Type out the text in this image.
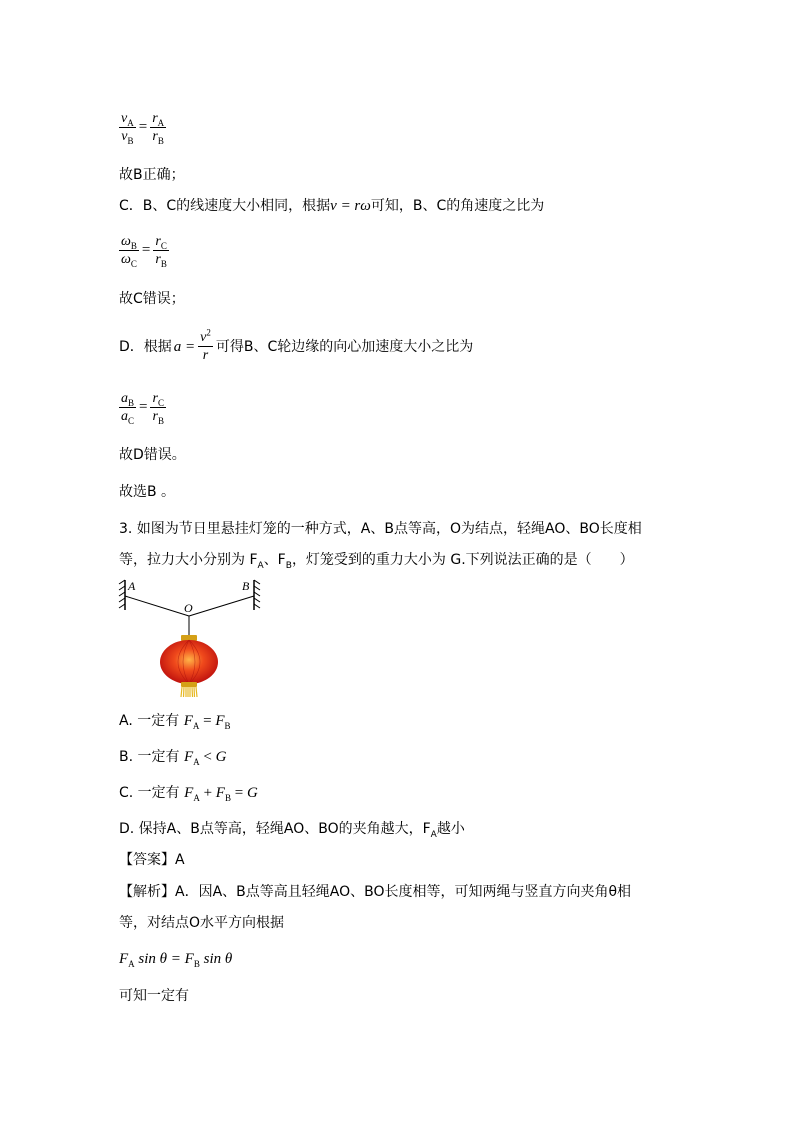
$\frac{v_A}{v_B} = \frac{r_A}{r_B}$
故B正确；
C．B、C的线速度大小相同，根据v = rω可知，B、C的角速度之比为
$\frac{\omega_B}{\omega_C} = \frac{r_C}{r_B}$
故C错误；
D．根据 $a = \frac{v^2}{r}$ 可得B、C轮边缘的向心加速度大小之比为
$\frac{a_B}{a_C} = \frac{r_C}{r_B}$
故D错误。
故选B 。
3. 如图为节日里悬挂灯笼的一种方式，A、B点等高，O为结点，轻绳AO、BO长度相
等，拉力大小分别为 $F_A$、$F_B$，灯笼受到的重力大小为 G.下列说法正确的是（　　）
A	B
O
A. 一定有 $F_A = F_B$
B. 一定有 $F_A < G$
C. 一定有 $F_A + F_B = G$
D. 保持A、B点等高，轻绳AO、BO的夹角越大，$F_A$越小
【答案】A
【解析】A．因A、B点等高且轻绳AO、BO长度相等，可知两绳与竖直方向夹角θ相
等，对结点O水平方向根据
$F_A$ $\sin \theta = F_B$ sin θ
可知一定有
